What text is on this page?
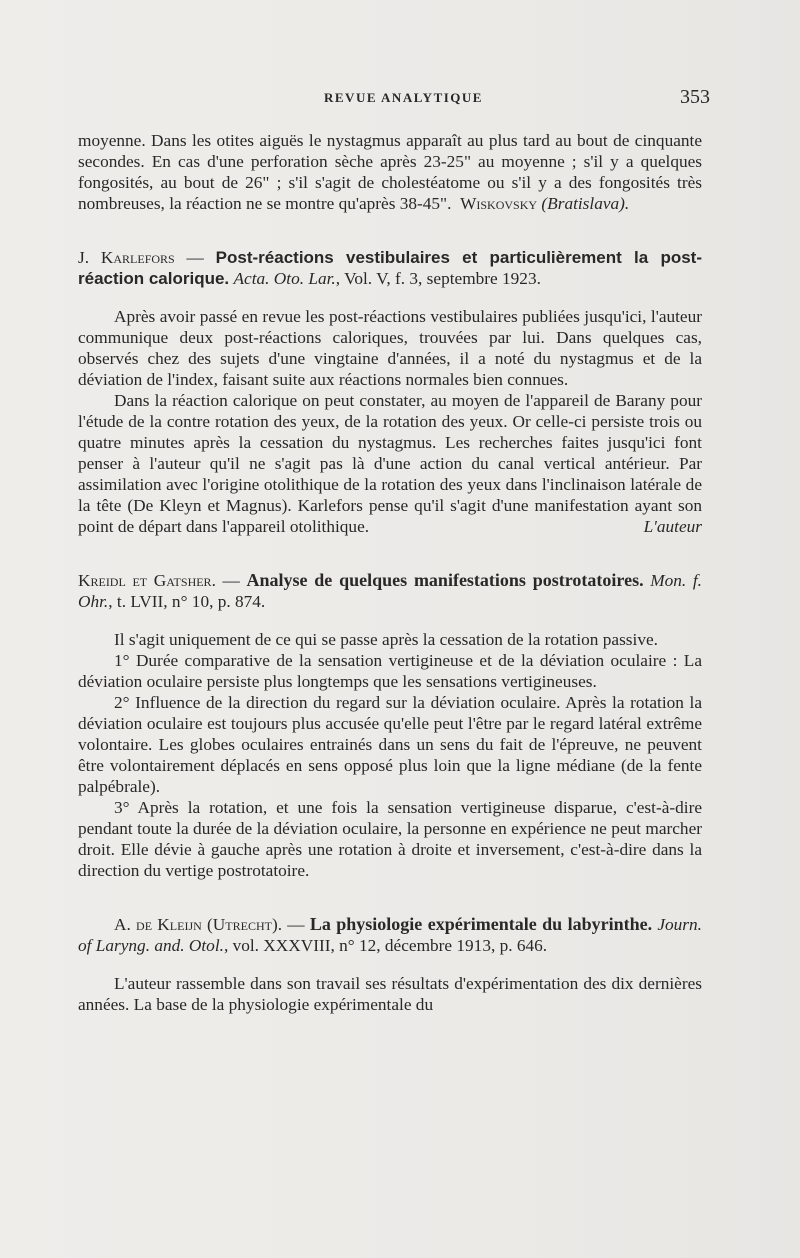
REVUE ANALYTIQUE	353

moyenne. Dans les otites aiguës le nystagmus apparaît au plus tard au bout de cinquante secondes. En cas d'une perforation sèche après 23-25" au moyenne ; s'il y a quelques fongosités, au bout de 26" ; s'il s'agit de cholestéatome ou s'il y a des fongosités très nombreuses, la réaction ne se montre qu'après 38-45". Wiskovsky (Bratislava).

J. Karlefors — Post-réactions vestibulaires et particulièrement la post-réaction calorique. Acta. Oto. Lar., Vol. V, f. 3, septembre 1923.

Après avoir passé en revue les post-réactions vestibulaires publiées jusqu'ici, l'auteur communique deux post-réactions caloriques, trouvées par lui. Dans quelques cas, observés chez des sujets d'une vingtaine d'années, il a noté du nystagmus et de la déviation de l'index, faisant suite aux réactions normales bien connues.

Dans la réaction calorique on peut constater, au moyen de l'appareil de Barany pour l'étude de la contre rotation des yeux, de la rotation des yeux. Or celle-ci persiste trois ou quatre minutes après la cessation du nystagmus. Les recherches faites jusqu'ici font penser à l'auteur qu'il ne s'agit pas là d'une action du canal vertical antérieur. Par assimilation avec l'origine otolithique de la rotation des yeux dans l'inclinaison latérale de la tête (De Kleyn et Magnus). Karlefors pense qu'il s'agit d'une manifestation ayant son point de départ dans l'appareil otolithique.	L'auteur

Kreidl et Gatsher. — Analyse de quelques manifestations postrotatoires. Mon. f. Ohr., t. LVII, n° 10, p. 874.

Il s'agit uniquement de ce qui se passe après la cessation de la rotation passive.

1° Durée comparative de la sensation vertigineuse et de la déviation oculaire : La déviation oculaire persiste plus longtemps que les sensations vertigineuses.

2° Influence de la direction du regard sur la déviation oculaire. Après la rotation la déviation oculaire est toujours plus accusée qu'elle peut l'être par le regard latéral extrême volontaire. Les globes oculaires entrainés dans un sens du fait de l'épreuve, ne peuvent être volontairement déplacés en sens opposé plus loin que la ligne médiane (de la fente palpébrale).

3° Après la rotation, et une fois la sensation vertigineuse disparue, c'est-à-dire pendant toute la durée de la déviation oculaire, la personne en expérience ne peut marcher droit. Elle dévie à gauche après une rotation à droite et inversement, c'est-à-dire dans la direction du vertige postrotatoire.

A. de Kleijn (Utrecht). — La physiologie expérimentale du labyrinthe. Journ. of Laryng. and. Otol., vol. XXXVIII, n° 12, décembre 1913, p. 646.

L'auteur rassemble dans son travail ses résultats d'expérimentation des dix dernières années. La base de la physiologie expérimentale du
